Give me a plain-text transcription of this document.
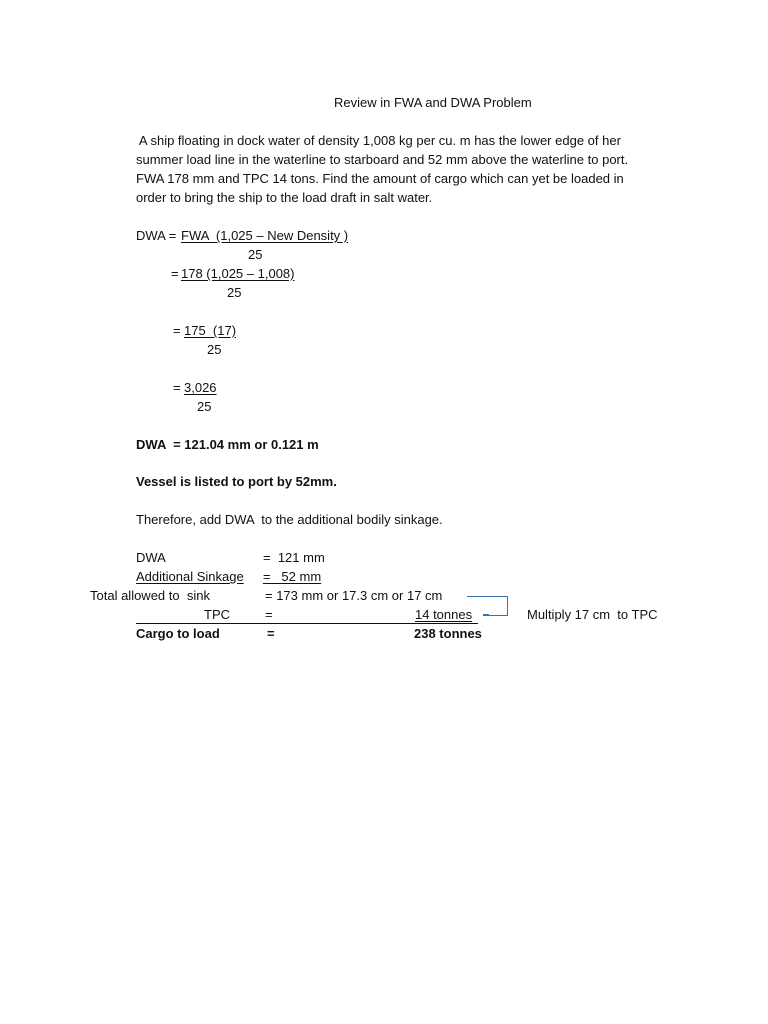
Review in FWA and DWA Problem
A ship floating in dock water of density 1,008 kg per cu. m has the lower edge of her
summer load line in the waterline to starboard and 52 mm above the waterline to port.
FWA 178 mm and TPC 14 tons. Find the amount of cargo which can yet be loaded in
order to bring the ship to the load draft in salt water.
DWA = FWA  (1,025 – New Density )
25
=
178 (1,025 – 1,008)
25
= 175  (17)
25
= 3,026
25
DWA  = 121.04 mm or 0.121 m
Vessel is listed to port by 52mm.
Therefore, add DWA  to the additional bodily sinkage.
DWA	=  121 mm
Additional Sinkage =   52 mm
Total allowed to  sink	= 173 mm or 17.3 cm or 17 cm
TPC	=	14 tonnes
Cargo to load	=	238 tonnes
Multiply 17 cm  to TPC
